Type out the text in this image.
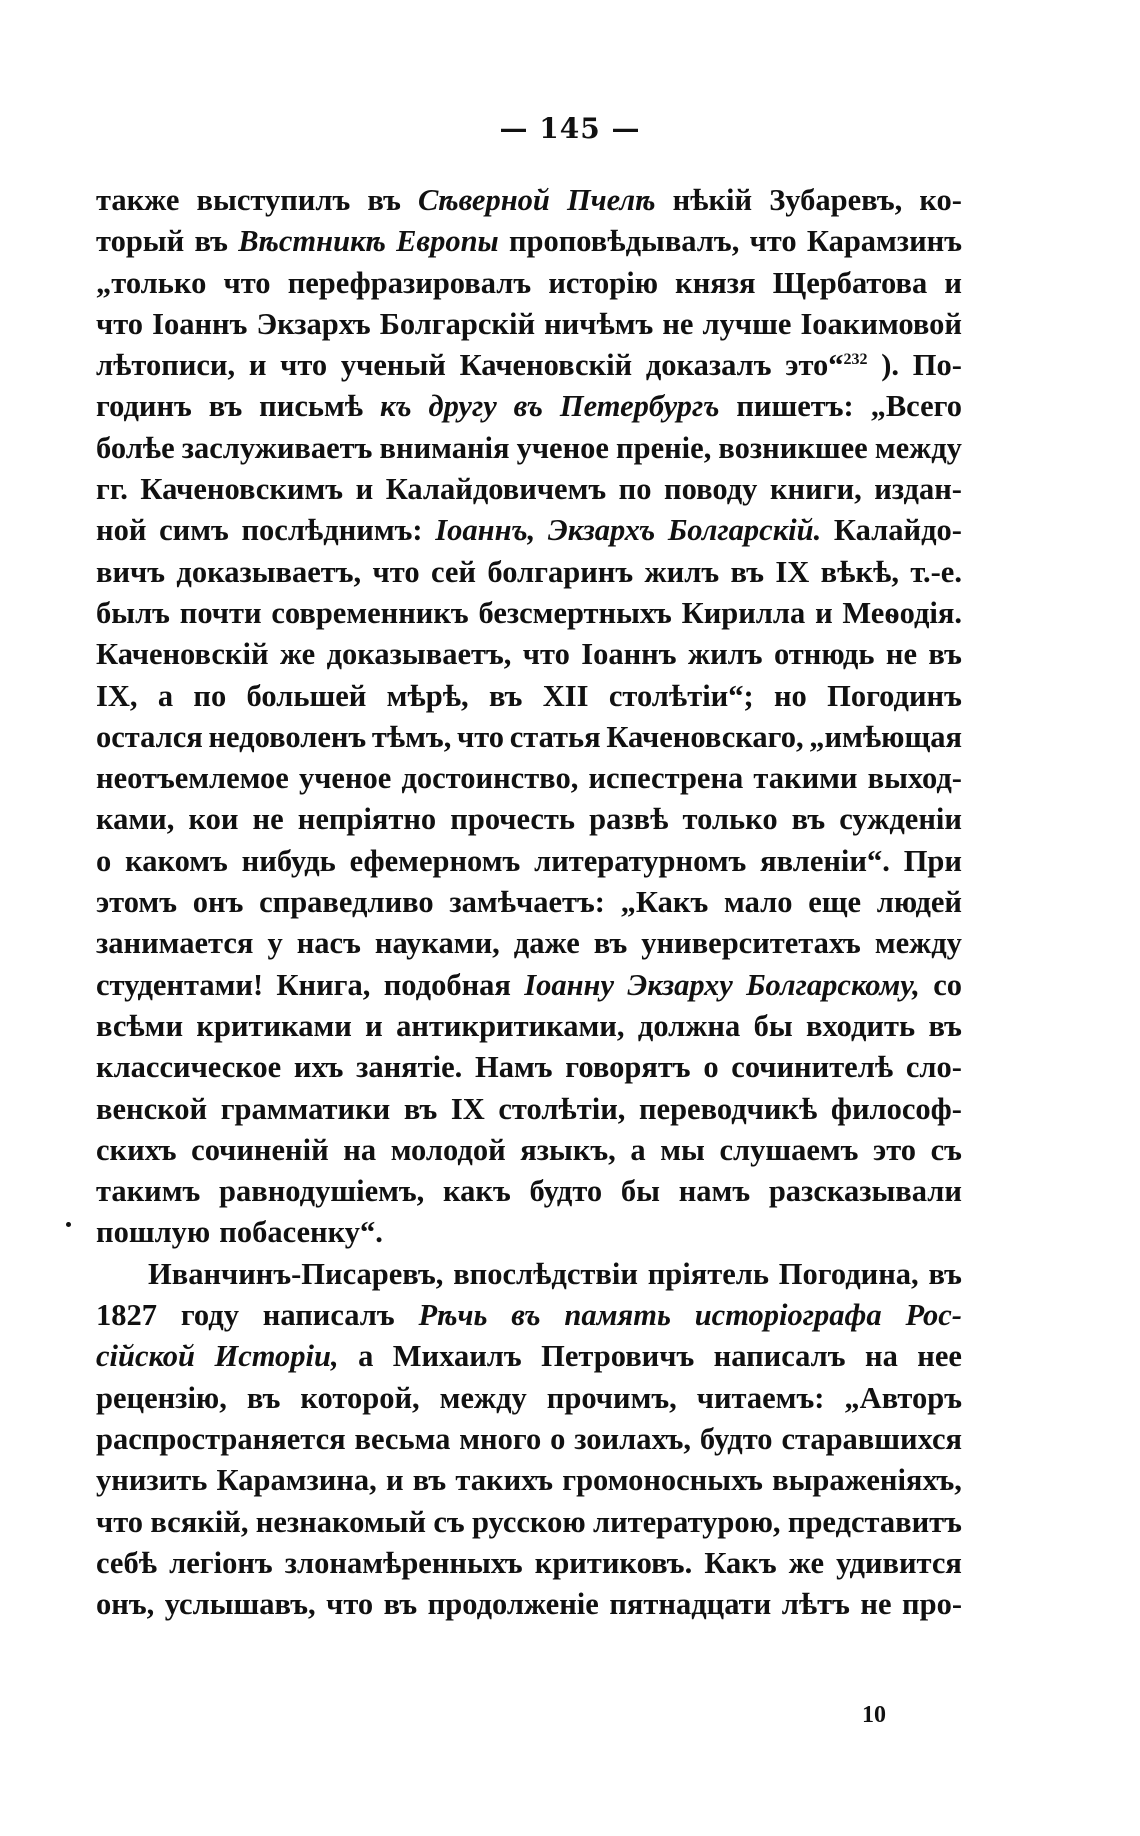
— 145 —
также выступилъ въ Сѣверной Пчелѣ нѣкій Зубаревъ, ко-
торый въ Вѣстникѣ Европы проповѣдывалъ, что Карамзинъ
„только что перефразировалъ исторію князя Щербатова и
что Іоаннъ Экзархъ Болгарскій ничѣмъ не лучше Іоакимовой
лѣтописи, и что ученый Каченовскій доказалъ это“$^{232}$ ). По-
годинъ въ письмѣ къ другу въ Петербургъ пишетъ: „Всего
болѣе заслуживаетъ вниманія ученое преніе, возникшее между
гг. Каченовскимъ и Калайдовичемъ по поводу книги, издан-
ной симъ послѣднимъ: Іоаннъ, Экзархъ Болгарскій. Калайдо-
вичъ доказываетъ, что сей болгаринъ жилъ въ IX вѣкѣ, т.-е.
былъ почти современникъ безсмертныхъ Кирилла и Меѳодія.
Каченовскій же доказываетъ, что Іоаннъ жилъ отнюдь не въ
IX, а по большей мѣрѣ, въ XII столѣтіи“; но Погодинъ
остался недоволенъ тѣмъ, что статья Каченовскаго, „имѣющая
неотъемлемое ученое достоинство, испестрена такими выход-
ками, кои не непріятно прочесть развѣ только въ сужденіи
о какомъ нибудь ефемерномъ литературномъ явленіи“. При
этомъ онъ справедливо замѣчаетъ: „Какъ мало еще людей
занимается у насъ науками, даже въ университетахъ между
студентами! Книга, подобная Іоанну Экзарху Болгарскому, со
всѣми критиками и антикритиками, должна бы входить въ
классическое ихъ занятіе. Намъ говорятъ о сочинителѣ сло-
венской грамматики въ IX столѣтіи, переводчикѣ философ-
скихъ сочиненій на молодой языкъ, а мы слушаемъ это съ
такимъ равнодушіемъ, какъ будто бы намъ разсказывали
пошлую побасенку“.
Иванчинъ-Писаревъ, впослѣдствіи пріятель Погодина, въ
1827 году написалъ Рѣчь въ память исторіографа Рос-
сійской Исторіи, а Михаилъ Петровичъ написалъ на нее
рецензію, въ которой, между прочимъ, читаемъ: „Авторъ
распространяется весьма много о зоилахъ, будто старавшихся
унизить Карамзина, и въ такихъ громоносныхъ выраженіяхъ,
что всякій, незнакомый съ русскою литературою, представитъ
себѣ легіонъ злонамѣренныхъ критиковъ. Какъ же удивится
онъ, услышавъ, что въ продолженіе пятнадцати лѣтъ не про-
10
